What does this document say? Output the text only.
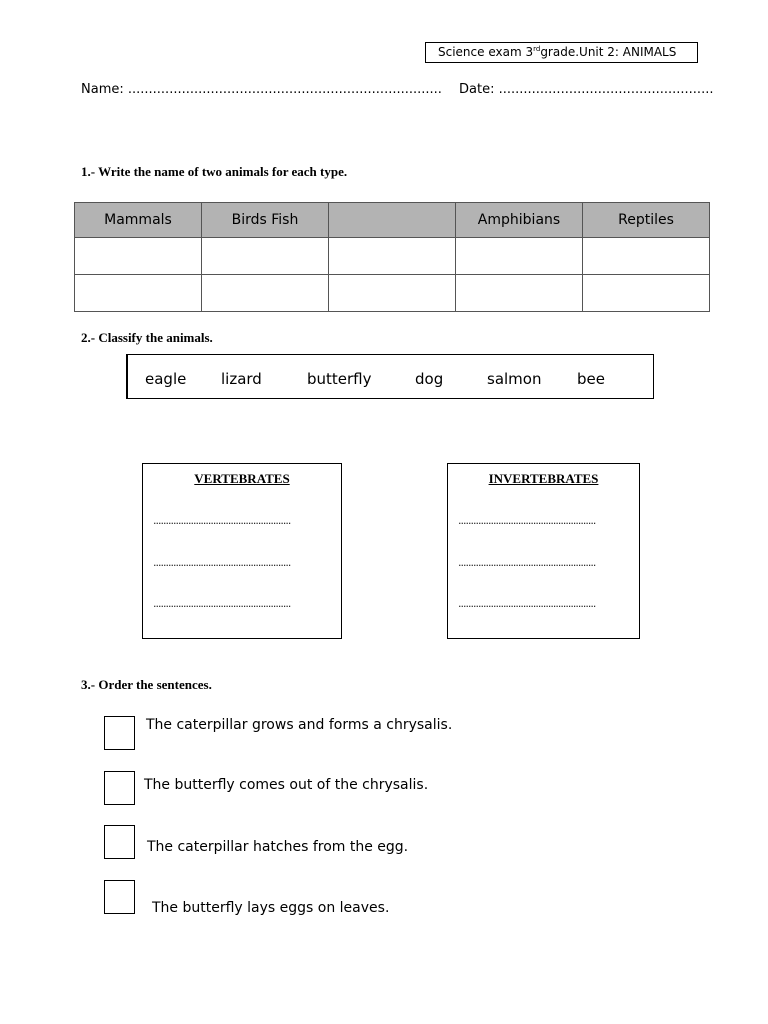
Science exam 3rdgrade.Unit 2: ANIMALS
Name: ............................................................................ Date: ....................................................
1.- Write the name of two animals for each type.
Mammals	Birds Fish		Amphibians	Reptiles

2.- Classify the animals.
eagle lizard	butterfly	dog	salmon bee
VERTEBRATES
.......................................................
.......................................................
.......................................................
INVERTEBRATES
.......................................................
.......................................................
.......................................................
3.- Order the sentences.
The caterpillar grows and forms a chrysalis.
The butterfly comes out of the chrysalis.
The caterpillar hatches from the egg.
The butterfly lays eggs on leaves.
